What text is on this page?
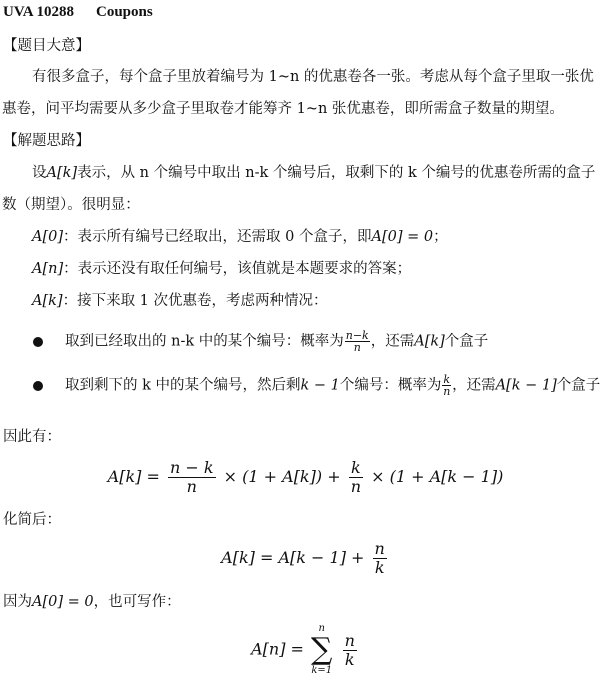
UVA 10288 Coupons
【题目大意】
有很多盒子，每个盒子里放着编号为 1~n 的优惠卷各一张。考虑从每个盒子里取一张优
惠卷，问平均需要从多少盒子里取卷才能筹齐 1~n 张优惠卷，即所需盒子数量的期望。
【解题思路】
设A[k]表示，从 n 个编号中取出 n-k 个编号后，取剩下的 k 个编号的优惠卷所需的盒子
数（期望）。很明显：
A[0]：表示所有编号已经取出，还需取 0 个盒子，即A[0] = 0；
A[n]：表示还没有取任何编号，该值就是本题要求的答案；
A[k]：接下来取 1 次优惠卷，考虑两种情况：
取到已经取出的 n-k 中的某个编号：概率为 $\frac{n-k}{n}$ ，还需A[k]个盒子
取到剩下的 k 中的某个编号，然后剩k − 1个编号：概率为 $\frac{k}{n}$ ，还需A[k − 1]个盒子
因此有：
$A[k] = \frac{n - k}{n} \times (1 + A[k]) + \frac{k}{n} \times (1 + A[k - 1])$
化简后：
$A[k] = A[k - 1] + \frac{n}{k}$
因为A[0] = 0，也可写作：
A[n] =
n
∑
k=1

$\frac{n}{k}$
